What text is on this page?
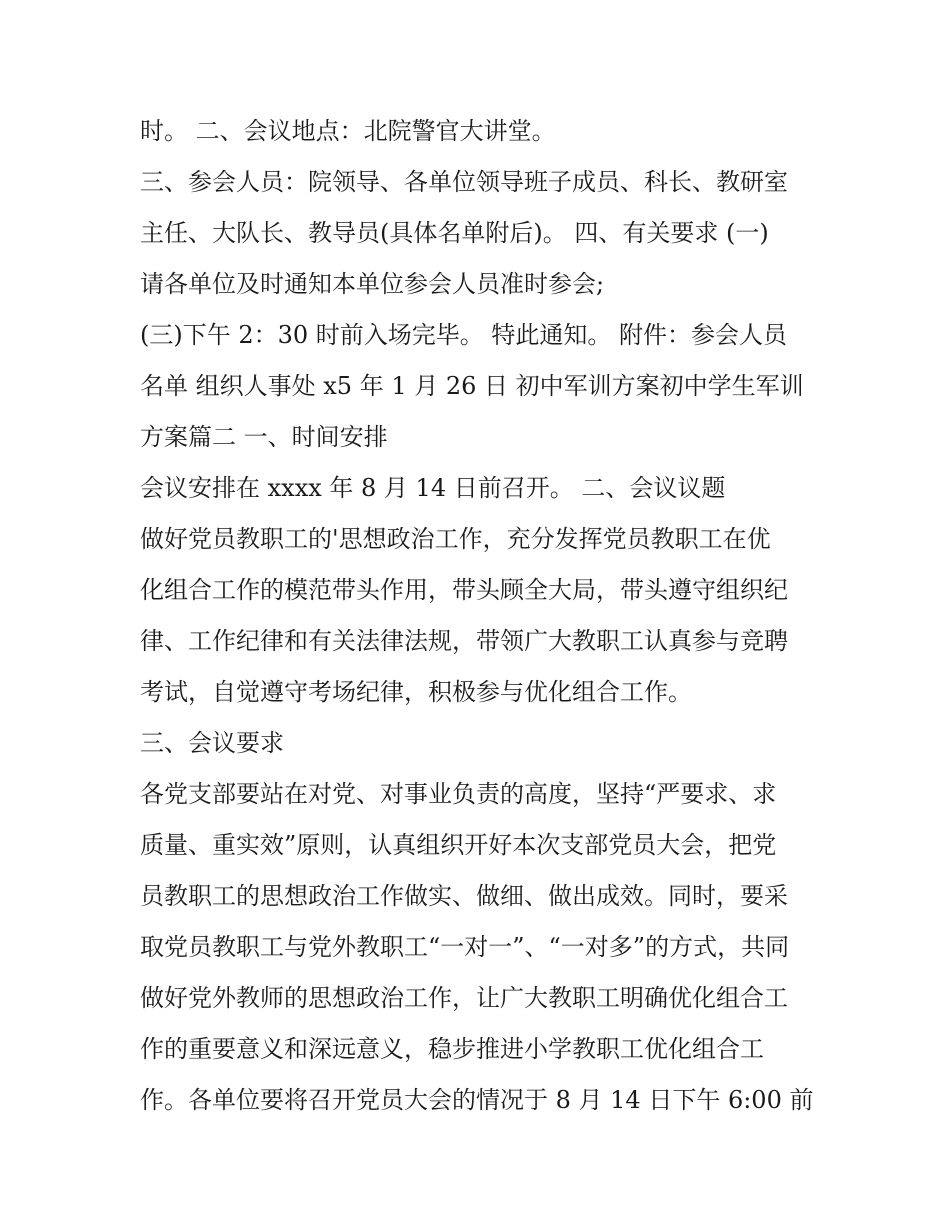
时。 二、会议地点：北院警官大讲堂。
三、参会人员：院领导、各单位领导班子成员、科长、教研室
主任、大队长、教导员(具体名单附后)。 四、有关要求 (一)
请各单位及时通知本单位参会人员准时参会;
(三)下午 2：30 时前入场完毕。 特此通知。 附件：参会人员
名单 组织人事处 x5 年 1 月 26 日 初中军训方案初中学生军训
方案篇二 一、时间安排
会议安排在 xxxx 年 8 月 14 日前召开。 二、会议议题
做好党员教职工的'思想政治工作，充分发挥党员教职工在优
化组合工作的模范带头作用，带头顾全大局，带头遵守组织纪
律、工作纪律和有关法律法规，带领广大教职工认真参与竞聘
考试，自觉遵守考场纪律，积极参与优化组合工作。
三、会议要求
各党支部要站在对党、对事业负责的高度，坚持“严要求、求
质量、重实效”原则，认真组织开好本次支部党员大会，把党
员教职工的思想政治工作做实、做细、做出成效。同时，要采
取党员教职工与党外教职工“一对一”、“一对多”的方式，共同
做好党外教师的思想政治工作，让广大教职工明确优化组合工
作的重要意义和深远意义，稳步推进小学教职工优化组合工
作。各单位要将召开党员大会的情况于 8 月 14 日下午 6:00 前
